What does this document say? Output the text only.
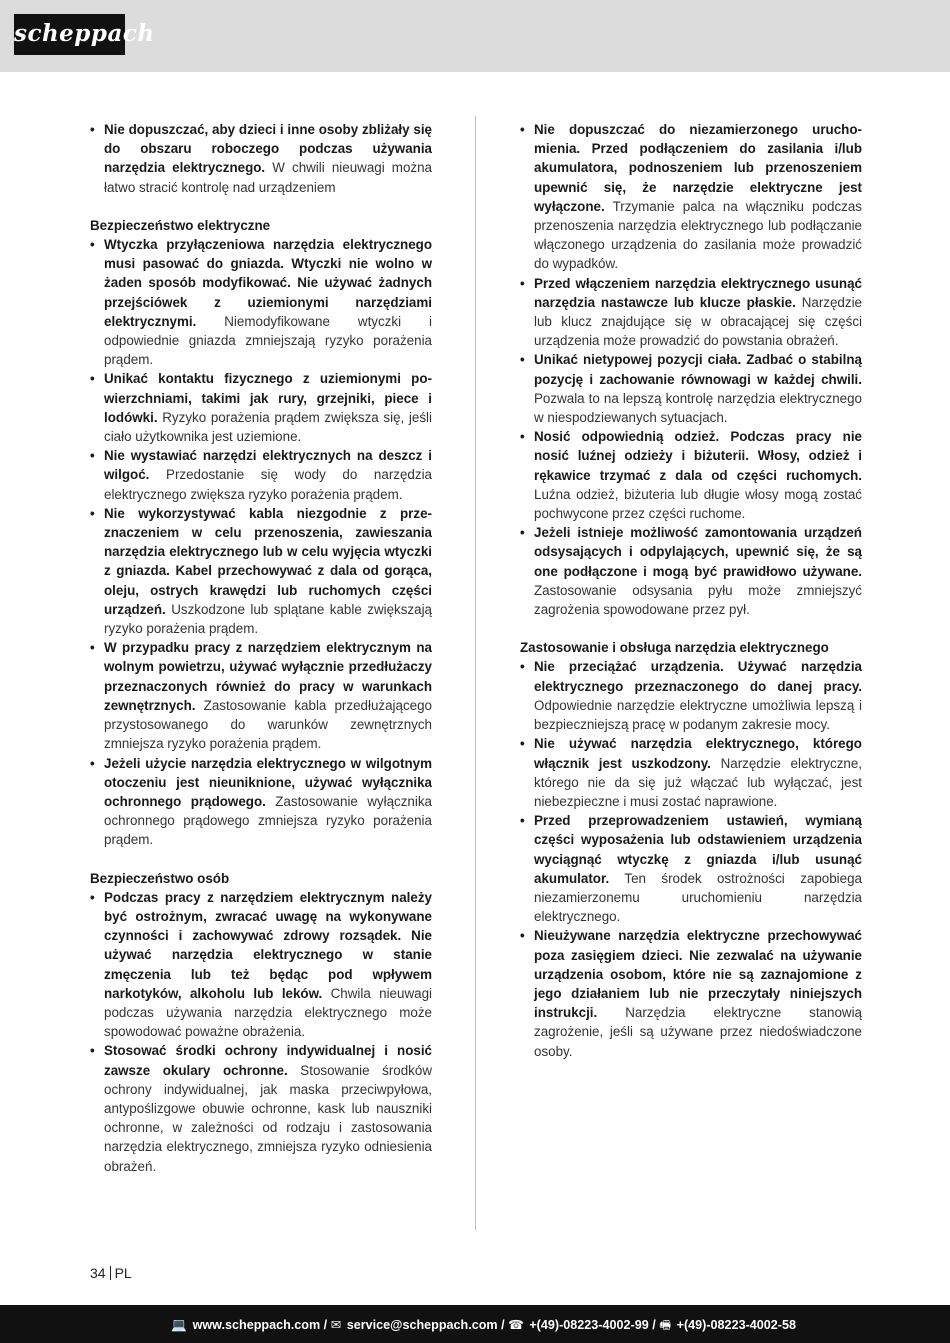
scheppach
• Nie dopuszczać, aby dzieci i inne osoby zbliżały się do obszaru roboczego podczas używania narzędzia elektrycznego. W chwili nieuwagi można łatwo stracić kontrolę nad urządzeniem
Bezpieczeństwo elektryczne
• Wtyczka przyłączeniowa narzędzia elektrycznego musi pasować do gniazda. Wtyczki nie wolno w żaden sposób modyfikować. Nie używać żadnych przejściówek z uziemionymi narzędziami elektrycznymi. Niemodyfikowane wtyczki i odpowiednie gniazda zmniejszają ryzyko porażenia prądem.
• Unikać kontaktu fizycznego z uziemionymi powierzchniami, takimi jak rury, grzejniki, piece i lodówki. Ryzyko porażenia prądem zwiększa się, jeśli ciało użytkownika jest uziemione.
• Nie wystawiać narzędzi elektrycznych na deszcz i wilgoć. Przedostanie się wody do narzędzia elektrycznego zwiększa ryzyko porażenia prądem.
• Nie wykorzystywać kabla niezgodnie z przeznaczeniem w celu przenoszenia, zawieszania narzędzia elektrycznego lub w celu wyjęcia wtyczki z gniazda. Kabel przechowywać z dala od gorąca, oleju, ostrych krawędzi lub ruchomych części urządzeń. Uszkodzone lub splątane kable zwiększają ryzyko porażenia prądem.
• W przypadku pracy z narzędziem elektrycznym na wolnym powietrzu, używać wyłącznie przedłużaczy przeznaczonych również do pracy w warunkach zewnętrznych. Zastosowanie kabla przedłużającego przystosowanego do warunków zewnętrznych zmniejsza ryzyko porażenia prądem.
• Jeżeli użycie narzędzia elektrycznego w wilgotnym otoczeniu jest nieuniknione, używać wyłącznika ochronnego prądowego. Zastosowanie wyłącznika ochronnego prądowego zmniejsza ryzyko porażenia prądem.
Bezpieczeństwo osób
• Podczas pracy z narzędziem elektrycznym należy być ostrożnym, zwracać uwagę na wykonywane czynności i zachowywać zdrowy rozsądek. Nie używać narzędzia elektrycznego w stanie zmęczenia lub też będąc pod wpływem narkotyków, alkoholu lub leków. Chwila nieuwagi podczas używania narzędzia elektrycznego może spowodować poważne obrażenia.
• Stosować środki ochrony indywidualnej i nosić zawsze okulary ochronne. Stosowanie środków ochrony indywidualnej, jak maska przeciwpyłowa, antypoślizgowe obuwie ochronne, kask lub nauszniki ochronne, w zależności od rodzaju i zastosowania narzędzia elektrycznego, zmniejsza ryzyko odniesienia obrażeń.
• Nie dopuszczać do niezamierzonego uruchomienia. Przed podłączeniem do zasilania i/lub akumulatora, podnoszeniem lub przenoszeniem upewnić się, że narzędzie elektryczne jest wyłączone. Trzymanie palca na włączniku podczas przenoszenia narzędzia elektrycznego lub podłączanie włączonego urządzenia do zasilania może prowadzić do wypadków.
• Przed włączeniem narzędzia elektrycznego usunąć narzędzia nastawcze lub klucze płaskie. Narzędzie lub klucz znajdujące się w obracającej się części urządzenia może prowadzić do powstania obrażeń.
• Unikać nietypowej pozycji ciała. Zadbać o stabilną pozycję i zachowanie równowagi w każdej chwili. Pozwala to na lepszą kontrolę narzędzia elektrycznego w niespodziewanych sytuacjach.
• Nosić odpowiednią odzież. Podczas pracy nie nosić luźnej odzieży i biżuterii. Włosy, odzież i rękawice trzymać z dala od części ruchomych. Luźna odzież, biżuteria lub długie włosy mogą zostać pochwycone przez części ruchome.
• Jeżeli istnieje możliwość zamontowania urządzeń odsysających i odpylających, upewnić się, że są one podłączone i mogą być prawidłowo używane. Zastosowanie odsysania pyłu może zmniejszyć zagrożenia spowodowane przez pył.
Zastosowanie i obsługa narzędzia elektrycznego
• Nie przeciążać urządzenia. Używać narzędzia elektrycznego przeznaczonego do danej pracy. Odpowiednie narzędzie elektryczne umożliwia lepszą i bezpieczniejszą pracę w podanym zakresie mocy.
• Nie używać narzędzia elektrycznego, którego włącznik jest uszkodzony. Narzędzie elektryczne, którego nie da się już włączać lub wyłączać, jest niebezpieczne i musi zostać naprawione.
• Przed przeprowadzeniem ustawień, wymianą części wyposażenia lub odstawieniem urządzenia wyciągnąć wtyczkę z gniazda i/lub usunąć akumulator. Ten środek ostrożności zapobiega niezamierzonemu uruchomieniu narzędzia elektrycznego.
• Nieużywane narzędzia elektryczne przechowywać poza zasięgiem dzieci. Nie zezwalać na używanie urządzenia osobom, które nie są zaznajomione z jego działaniem lub nie przeczytały niniejszych instrukcji. Narzędzia elektryczne stanowią zagrożenie, jeśli są używane przez niedoświadczone osoby.
34 PL
💻 www.scheppach.com / ✉ service@scheppach.com / ☎ +(49)-08223-4002-99 / 🖷 +(49)-08223-4002-58
